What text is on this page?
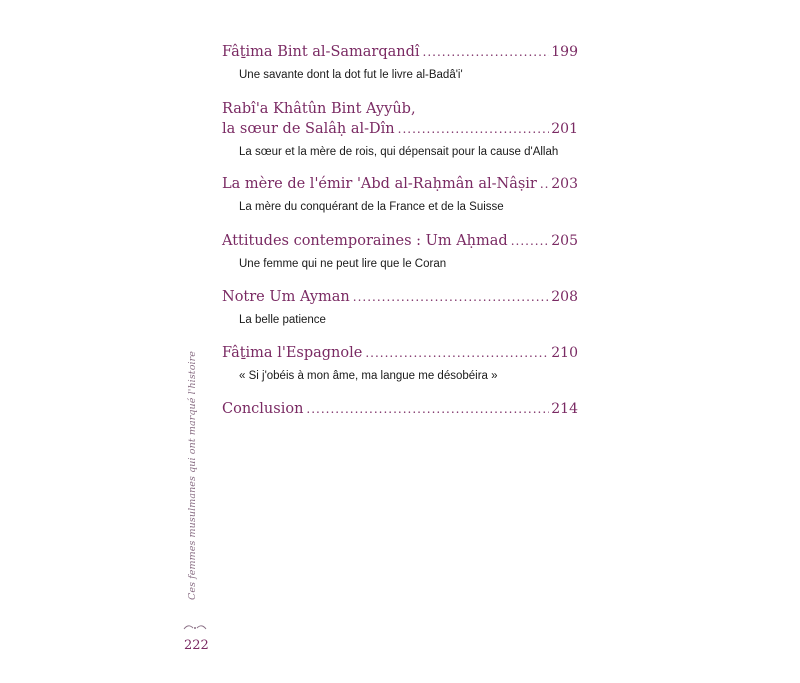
Fâṯima Bint al-Samarqandî .....	199
Une savante dont la dot fut le livre al-Badâ'i'
Rabî'a Khâtûn Bint Ayyûb,
la sœur de Salâḥ al-Dîn .....	201
La sœur et la mère de rois, qui dépensait pour la cause d'Allah
La mère de l'émir 'Abd al-Raḥmân al-Nâṣir ..... 203
La mère du conquérant de la France et de la Suisse
Attitudes contemporaines : Um Aḥmad .....	205
Une femme qui ne peut lire que le Coran
Notre Um Ayman .....	208
La belle patience
Fâṯima l'Espagnole .....	210
« Si j'obéis à mon âme, ma langue me désobéira »
Conclusion .....	214
Ces femmes musulmanes qui ont marqué l'histoire
222
